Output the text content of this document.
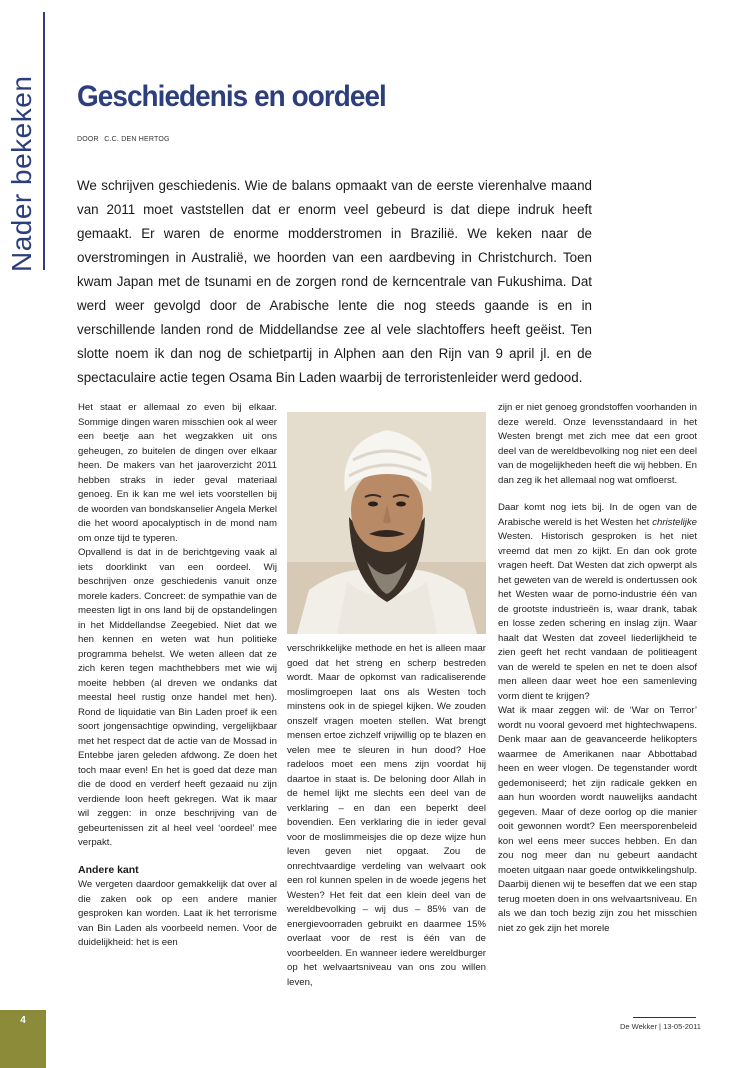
Nader bekeken Geschiedenis en oordeel
DOOR C.C. DEN HERTOG

We schrijven geschiedenis. Wie de balans opmaakt van de eerste vierenhalve maand van 2011 moet vaststellen dat er enorm veel gebeurd is dat diepe indruk heeft gemaakt. Er waren de enorme modderstromen in Brazilië. We keken naar de overstromingen in Australië, we hoorden van een aardbeving in Christchurch. Toen kwam Japan met de tsunami en de zorgen rond de kerncentrale van Fukushima. Dat werd weer gevolgd door de Arabische lente die nog steeds gaande is en in verschillende landen rond de Middellandse zee al vele slachtoffers heeft geëist. Ten slotte noem ik dan nog de schietpartij in Alphen aan den Rijn van 9 april jl. en de spectaculaire actie tegen Osama Bin Laden waarbij de terroristenleider werd gedood.

Het staat er allemaal zo even bij elkaar. Sommige dingen waren misschien ook al weer een beetje aan het wegzakken uit ons geheugen, zo buitelen de dingen over elkaar heen. De makers van het jaaroverzicht 2011 hebben straks in ieder geval materiaal genoeg. En ik kan me wel iets voorstellen bij de woorden van bondskanselier Angela Merkel die het woord apocalyptisch in de mond nam om onze tijd te typeren.

Opvallend is dat in de berichtgeving vaak al iets doorklinkt van een oordeel. Wij beschrijven onze geschiedenis vanuit onze morele kaders. Concreet: de sympathie van de meesten ligt in ons land bij de opstandelingen in het Middellandse Zeegebied. Niet dat we hen kennen en weten wat hun politieke programma behelst. We weten alleen dat ze zich keren tegen machthebbers met wie wij moeite hebben (al dreven we ondanks dat meestal heel rustig onze handel met hen). Rond de liquidatie van Bin Laden proef ik een soort jongensachtige opwinding, vergelijkbaar met het respect dat de actie van de Mossad in Entebbe jaren geleden afdwong. Ze doen het toch maar even! En het is goed dat deze man die de dood en verderf heeft gezaaid nu zijn verdiende loon heeft gekregen. Wat ik maar wil zeggen: in onze beschrijving van de gebeurtenissen zit al heel veel ‘oordeel’ mee verpakt.

Andere kant

We vergeten daardoor gemakkelijk dat over al die zaken ook op een andere manier gesproken kan worden. Laat ik het terrorisme van Bin Laden als voorbeeld nemen. Voor de duidelijkheid: het is een

verschrikkelijke methode en het is alleen maar goed dat het streng en scherp bestreden wordt. Maar de opkomst van radicaliserende moslimgroepen laat ons als Westen toch minstens ook in de spiegel kijken. We zouden onszelf vragen moeten stellen. Wat brengt mensen ertoe zichzelf vrijwillig op te blazen en velen mee te sleuren in hun dood? Hoe radeloos moet een mens zijn voordat hij daartoe in staat is. De beloning door Allah in de hemel lijkt me slechts een deel van de verklaring – en dan een beperkt deel bovendien. Een verklaring die in ieder geval voor de moslimmeisjes die op deze wijze hun leven geven niet opgaat. Zou de onrechtvaardige verdeling van welvaart ook een rol kunnen spelen in de woede jegens het Westen? Het feit dat een klein deel van de wereldbevolking – wij dus – 85% van de energievoorraden gebruikt en daarmee 15% overlaat voor de rest is één van de voorbeelden. En wanneer iedere wereldburger op het welvaartsniveau van ons zou willen leven,

zijn er niet genoeg grondstoffen voorhanden in deze wereld. Onze levensstandaard in het Westen brengt met zich mee dat een groot deel van de wereldbevolking nog niet een deel van de mogelijkheden heeft die wij hebben. En dan zeg ik het allemaal nog wat omfloerst.

Daar komt nog iets bij. In de ogen van de Arabische wereld is het Westen het christelijke Westen. Historisch gesproken is het niet vreemd dat men zo kijkt. En dan ook grote vragen heeft. Dat Westen dat zich opwerpt als het geweten van de wereld is ondertussen ook het Westen waar de porno-industrie één van de grootste industrieën is, waar drank, tabak en losse zeden schering en inslag zijn. Waar haalt dat Westen dat zoveel liederlijkheid te zien geeft het recht vandaan de politieagent van de wereld te spelen en net te doen alsof men alleen daar weet hoe een samenleving vorm dient te krijgen?

Wat ik maar zeggen wil: de ‘War on Terror’ wordt nu vooral gevoerd met hightechwapens. Denk maar aan de geavanceerde helikopters waarmee de Amerikanen naar Abbottabad heen en weer vlogen. De tegenstander wordt gedemoniseerd; het zijn radicale gekken en aan hun woorden wordt nauwelijks aandacht gegeven. Maar of deze oorlog op die manier ooit gewonnen wordt? Een meersporenbeleid kon wel eens meer succes hebben. En dan zou nog meer dan nu gebeurt aandacht moeten uitgaan naar goede ontwikkelingshulp. Daarbij dienen wij te beseffen dat we een stap terug moeten doen in ons welvaartsniveau. En als we dan toch bezig zijn zou het misschien niet zo gek zijn het morele

4
De Wekker | 13-05-2011
